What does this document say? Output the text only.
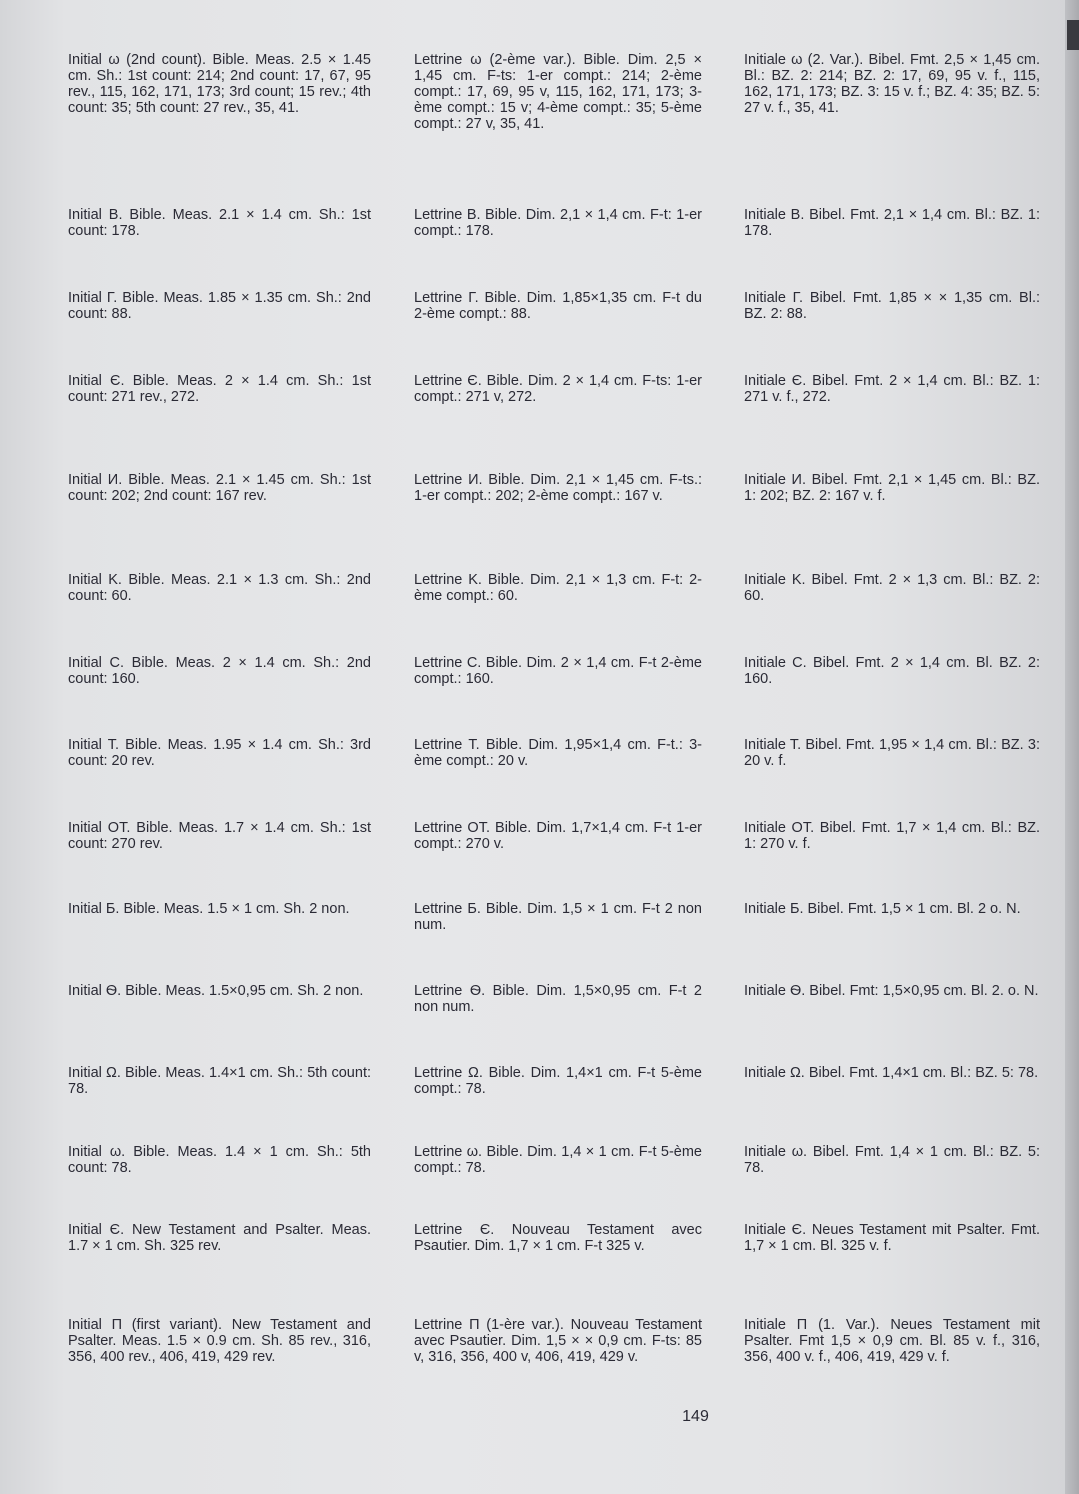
Initial ω (2nd count). Bible. Meas. 2.5 × 1.45 cm. Sh.: 1st count: 214; 2nd count: 17, 67, 95 rev., 115, 162, 171, 173; 3rd count; 15 rev.; 4th count: 35; 5th count: 27 rev., 35, 41.
Lettrine ω (2-ème var.). Bible. Dim. 2,5 × 1,45 cm. F-ts: 1-er compt.: 214; 2-ème compt.: 17, 69, 95 v, 115, 162, 171, 173; 3-ème compt.: 15 v; 4-ème compt.: 35; 5-ème compt.: 27 v, 35, 41.
Initiale ω (2. Var.). Bibel. Fmt. 2,5 × 1,45 cm. Bl.: BZ. 2: 214; BZ. 2: 17, 69, 95 v. f., 115, 162, 171, 173; BZ. 3: 15 v. f.; BZ. 4: 35; BZ. 5: 27 v. f., 35, 41.
Initial B. Bible. Meas. 2.1 × 1.4 cm. Sh.: 1st count: 178.
Lettrine B. Bible. Dim. 2,1 × 1,4 cm. F-t: 1-er compt.: 178.
Initiale B. Bibel. Fmt. 2,1 × 1,4 cm. Bl.: BZ. 1: 178.
Initial Γ. Bible. Meas. 1.85 × 1.35 cm. Sh.: 2nd count: 88.
Lettrine Γ. Bible. Dim. 1,85×1,35 cm. F-t du 2-ème compt.: 88.
Initiale Γ. Bibel. Fmt. 1,85 × × 1,35 cm. Bl.: BZ. 2: 88.
Initial Є. Bible. Meas. 2 × 1.4 cm. Sh.: 1st count: 271 rev., 272.
Lettrine Є. Bible. Dim. 2 × 1,4 cm. F-ts: 1-er compt.: 271 v, 272.
Initiale Є. Bibel. Fmt. 2 × 1,4 cm. Bl.: BZ. 1: 271 v. f., 272.
Initial И. Bible. Meas. 2.1 × 1.45 cm. Sh.: 1st count: 202; 2nd count: 167 rev.
Lettrine И. Bible. Dim. 2,1 × 1,45 cm. F-ts.: 1-er compt.: 202; 2-ème compt.: 167 v.
Initiale И. Bibel. Fmt. 2,1 × 1,45 cm. Bl.: BZ. 1: 202; BZ. 2: 167 v. f.
Initial K. Bible. Meas. 2.1 × 1.3 cm. Sh.: 2nd count: 60.
Lettrine K. Bible. Dim. 2,1 × 1,3 cm. F-t: 2-ème compt.: 60.
Initiale K. Bibel. Fmt. 2 × 1,3 cm. Bl.: BZ. 2: 60.
Initial C. Bible. Meas. 2 × 1.4 cm. Sh.: 2nd count: 160.
Lettrine C. Bible. Dim. 2 × 1,4 cm. F-t 2-ème compt.: 160.
Initiale C. Bibel. Fmt. 2 × 1,4 cm. Bl. BZ. 2: 160.
Initial T. Bible. Meas. 1.95 × 1.4 cm. Sh.: 3rd count: 20 rev.
Lettrine T. Bible. Dim. 1,95×1,4 cm. F-t.: 3-ème compt.: 20 v.
Initiale T. Bibel. Fmt. 1,95 × 1,4 cm. Bl.: BZ. 3: 20 v. f.
Initial OT. Bible. Meas. 1.7 × 1.4 cm. Sh.: 1st count: 270 rev.
Lettrine OT. Bible. Dim. 1,7×1,4 cm. F-t 1-er compt.: 270 v.
Initiale OT. Bibel. Fmt. 1,7 × 1,4 cm. Bl.: BZ. 1: 270 v. f.
Initial Б. Bible. Meas. 1.5 × 1 cm. Sh. 2 non.	Lettrine Б. Bible. Dim. 1,5 × 1 cm. F-t 2 non num.
Initiale Б. Bibel. Fmt. 1,5 × 1 cm. Bl. 2 o. N.
Initial Ѳ. Bible. Meas. 1.5×0,95 cm. Sh. 2 non.	Lettrine Ѳ. Bible. Dim. 1,5×0,95 cm. F-t 2 non num.
Initiale Ѳ. Bibel. Fmt: 1,5×0,95 cm. Bl. 2. o. N.
Initial Ω. Bible. Meas. 1.4×1 cm. Sh.: 5th count: 78.
Lettrine Ω. Bible. Dim. 1,4×1 cm. F-t 5-ème compt.: 78.
Initiale Ω. Bibel. Fmt. 1,4×1 cm. Bl.: BZ. 5: 78.
Initial ω. Bible. Meas. 1.4 × 1 cm. Sh.: 5th count: 78.
Lettrine ω. Bible. Dim. 1,4 × 1 cm. F-t 5-ème compt.: 78.
Initiale ω. Bibel. Fmt. 1,4 × 1 cm. Bl.: BZ. 5: 78.
Initial Є. New Testament and Psalter. Meas. 1.7 × 1 cm. Sh. 325 rev.
Lettrine Є. Nouveau Testament avec Psautier. Dim. 1,7 × 1 cm. F-t 325 v.
Initiale Є. Neues Testament mit Psalter. Fmt. 1,7 × 1 cm. Bl. 325 v. f.
Initial П (first variant). New Testament and Psalter. Meas. 1.5 × 0.9 cm. Sh. 85 rev., 316, 356, 400 rev., 406, 419, 429 rev.
Lettrine П (1-ère var.). Nouveau Testament avec Psautier. Dim. 1,5 × × 0,9 cm. F-ts: 85 v, 316, 356, 400 v, 406, 419, 429 v.
Initiale П (1. Var.). Neues Testament mit Psalter. Fmt 1,5 × 0,9 cm. Bl. 85 v. f., 316, 356, 400 v. f., 406, 419, 429 v. f.
149
